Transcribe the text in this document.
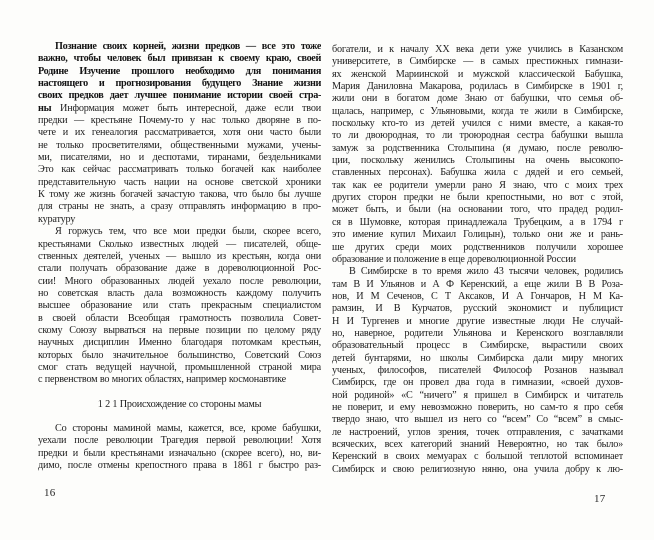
Познание своих корней, жизни предков — все это тоже
важно, чтобы человек был привязан к своему краю, своей
Родине Изучение прошлого необходимо для понимания
настоящего и прогнозирования будущего Знание жизни
своих предков дает лучшее понимание истории своей стра-
ны Информация может быть интересной, даже если твои
предки — крестьяне Почему-то у нас только дворяне в по-
чете и их генеалогия рассматривается, хотя они часто были
не только просветителями, общественными мужами, учены-
ми, писателями, но и деспотами, тиранами, бездельниками
Это как сейчас рассматривать только богачей как наиболее
представительную часть нации на основе светской хроники
К тому же жизнь богачей зачастую такова, что было бы лучше
для страны не знать, а сразу отправлять информацию в про-
куратуру
Я горжусь тем, что все мои предки были, скорее всего,
крестьянами Сколько известных людей — писателей, обще-
ственных деятелей, ученых — вышло из крестьян, когда они
стали получать образование даже в дореволюционной Рос-
сии! Много образованных людей уехало после революции,
но советская власть дала возможность каждому получить
высшее образование или стать прекрасным специалистом
в своей области Всеобщая грамотность позволила Совет-
скому Союзу вырваться на первые позиции по целому ряду
научных дисциплин Именно благодаря потомкам крестьян,
которых было значительное большинство, Советский Союз
смог стать ведущей научной, промышленной страной мира
с первенством во многих областях, например космонавтике
1 2 1 Происхождение со стороны мамы
Со стороны маминой мамы, кажется, все, кроме бабушки,
уехали после революции Трагедия первой революции! Хотя
предки и были крестьянами изначально (скорее всего), но, ви-
димо, после отмены крепостного права в 1861 г быстро раз-
богатели, и к началу XX века дети уже учились в Казанском
университете, в Симбирске — в самых престижных гимнази-
ях женской Мариинской и мужской классической Бабушка,
Мария Даниловна Макарова, родилась в Симбирске в 1901 г,
жили они в богатом доме Знаю от бабушки, что семья об-
щалась, например, с Ульяновыми, когда те жили в Симбирске,
поскольку кто-то из детей учился с ними вместе, а какая-то
то ли двоюродная, то ли троюродная сестра бабушки вышла
замуж за родственника Столыпина (я думаю, после револю-
ции, поскольку женились Столыпины на очень высокопо-
ставленных персонах). Бабушка жила с дядей и его семьей,
так как ее родители умерли рано Я знаю, что с моих трех
других сторон предки не были крепостными, но вот с этой,
может быть, и были (на основании того, что прадед родил-
ся в Шумовке, которая принадлежала Трубецким, а в 1794 г
это имение купил Михаил Голицын), только они же и рань-
ше других среди моих родственников получили хорошее
образование и положение в еще дореволюционной России
В Симбирске в то время жило 43 тысячи человек, родились
там В И Ульянов и А Ф Керенский, а еще жили В В Роза-
нов, И М Сеченов, С Т Аксаков, И А Гончаров, Н М Ка-
рамзин, И В Курчатов, русский экономист и публицист
Н И Тургенев и многие другие известные люди Не случай-
но, наверное, родители Ульянова и Керенского возглавляли
образовательный процесс в Симбирске, вырастили своих
детей бунтарями, но школы Симбирска дали миру многих
ученых, философов, писателей Философ Розанов называл
Симбирск, где он провел два года в гимназии, «своей духов-
ной родиной» «С “ничего” я пришел в Симбирск и читатель
не поверит, и ему невозможно поверить, но сам-то я про себя
твердо знаю, что вышел из него со “всем” Со “всем” в смыс-
ле настроений, углов зрения, точек отправления, с зачатками
всяческих, всех категорий знаний Невероятно, но так было»
Керенский в своих мемуарах с большой теплотой вспоминает
Симбирск и свою религиозную няню, она учила добру к лю-
16	17
